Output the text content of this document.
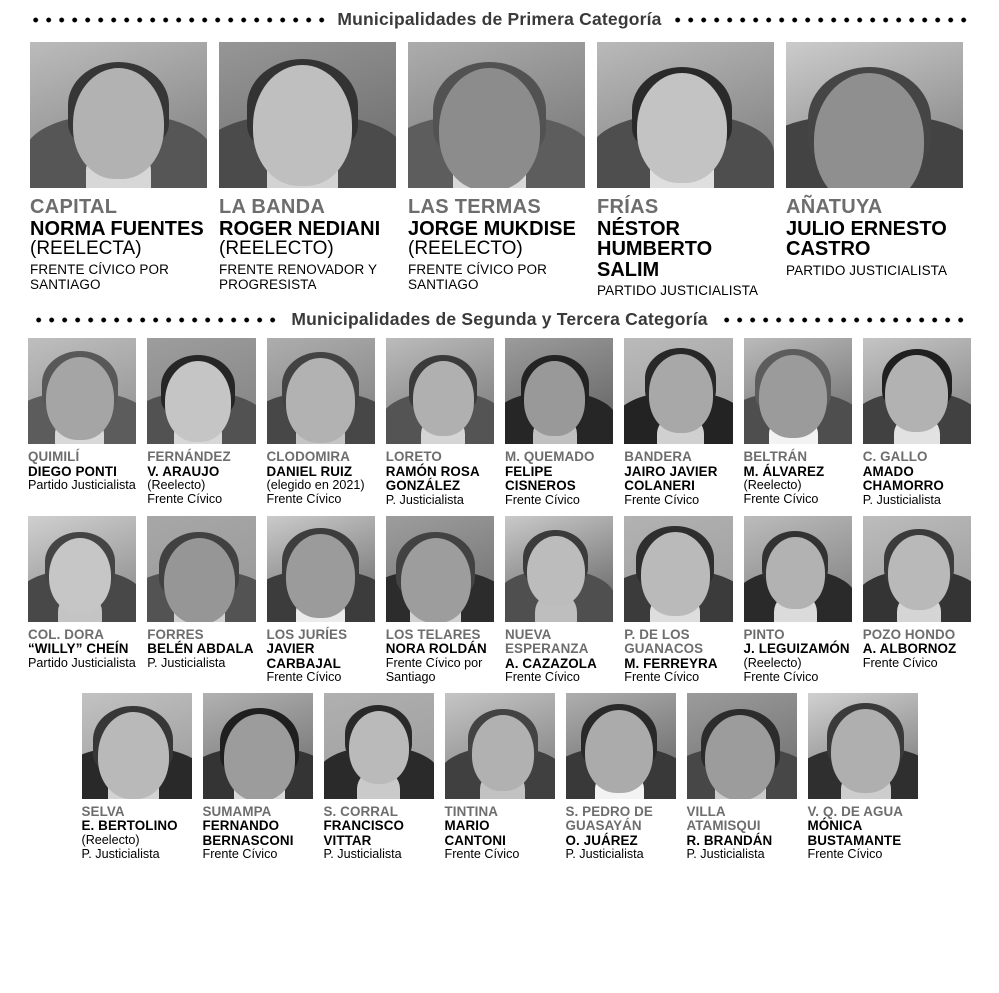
Municipalidades de Primera Categoría
CAPITAL
NORMA FUENTES
(REELECTA)
FRENTE CÍVICO POR SANTIAGO
LA BANDA
ROGER NEDIANI
(REELECTO)
FRENTE RENOVADOR Y PROGRESISTA
LAS TERMAS
JORGE MUKDISE
(REELECTO)
FRENTE CÍVICO POR SANTIAGO
FRÍAS
NÉSTOR HUMBERTO SALIM
PARTIDO JUSTICIALISTA
AÑATUYA
JULIO ERNESTO CASTRO
PARTIDO JUSTICIALISTA
Municipalidades de Segunda y Tercera Categoría
QUIMILÍ
DIEGO PONTI
Partido Justicialista
FERNÁNDEZ
V. ARAUJO
(Reelecto)
Frente Cívico
CLODOMIRA
DANIEL RUIZ
(elegido en 2021)
Frente Cívico
LORETO
RAMÓN ROSA GONZÁLEZ
P. Justicialista
M. QUEMADO
FELIPE CISNEROS
Frente Cívico
BANDERA
JAIRO JAVIER COLANERI
Frente Cívico
BELTRÁN
M. ÁLVAREZ
(Reelecto)
Frente Cívico
C. GALLO
AMADO CHAMORRO
P. Justicialista
COL. DORA
“WILLY” CHEÍN
Partido Justicialista
FORRES
BELÉN ABDALA
P. Justicialista
LOS JURÍES
JAVIER CARBAJAL
Frente Cívico
LOS TELARES
NORA ROLDÁN
Frente Cívico por Santiago
NUEVA ESPERANZA
A. CAZAZOLA
Frente Cívico
P. DE LOS GUANACOS
M. FERREYRA
Frente Cívico
PINTO
J. LEGUIZAMÓN
(Reelecto)
Frente Cívico
POZO HONDO
A. ALBORNOZ
Frente Cívico
SELVA
E. BERTOLINO
(Reelecto)
P. Justicialista
SUMAMPA
FERNANDO BERNASCONI
Frente Cívico
S. CORRAL
FRANCISCO VITTAR
P. Justicialista
TINTINA
MARIO CANTONI
Frente Cívico
S. PEDRO DE GUASAYÁN
O. JUÁREZ
P. Justicialista
VILLA ATAMISQUI
R. BRANDÁN
P. Justicialista
V. Q. DE AGUA
MÓNICA BUSTAMANTE
Frente Cívico
